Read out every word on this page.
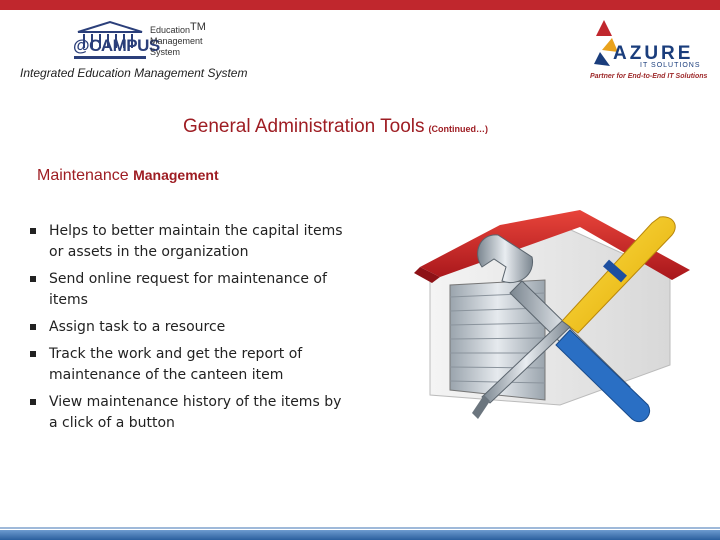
@CAMPUS
EducationTM
Management
System
Integrated Education Management System
AZURE
IT SOLUTIONS
Partner for End-to-End IT Solutions
General Administration Tools (Continued…)
Maintenance Management
Helps to better maintain the capital items or assets in the organization
Send online request for maintenance of items
Assign task to a resource
Track the work and get the report of maintenance of the canteen item
View maintenance history of the items by a click of a button
